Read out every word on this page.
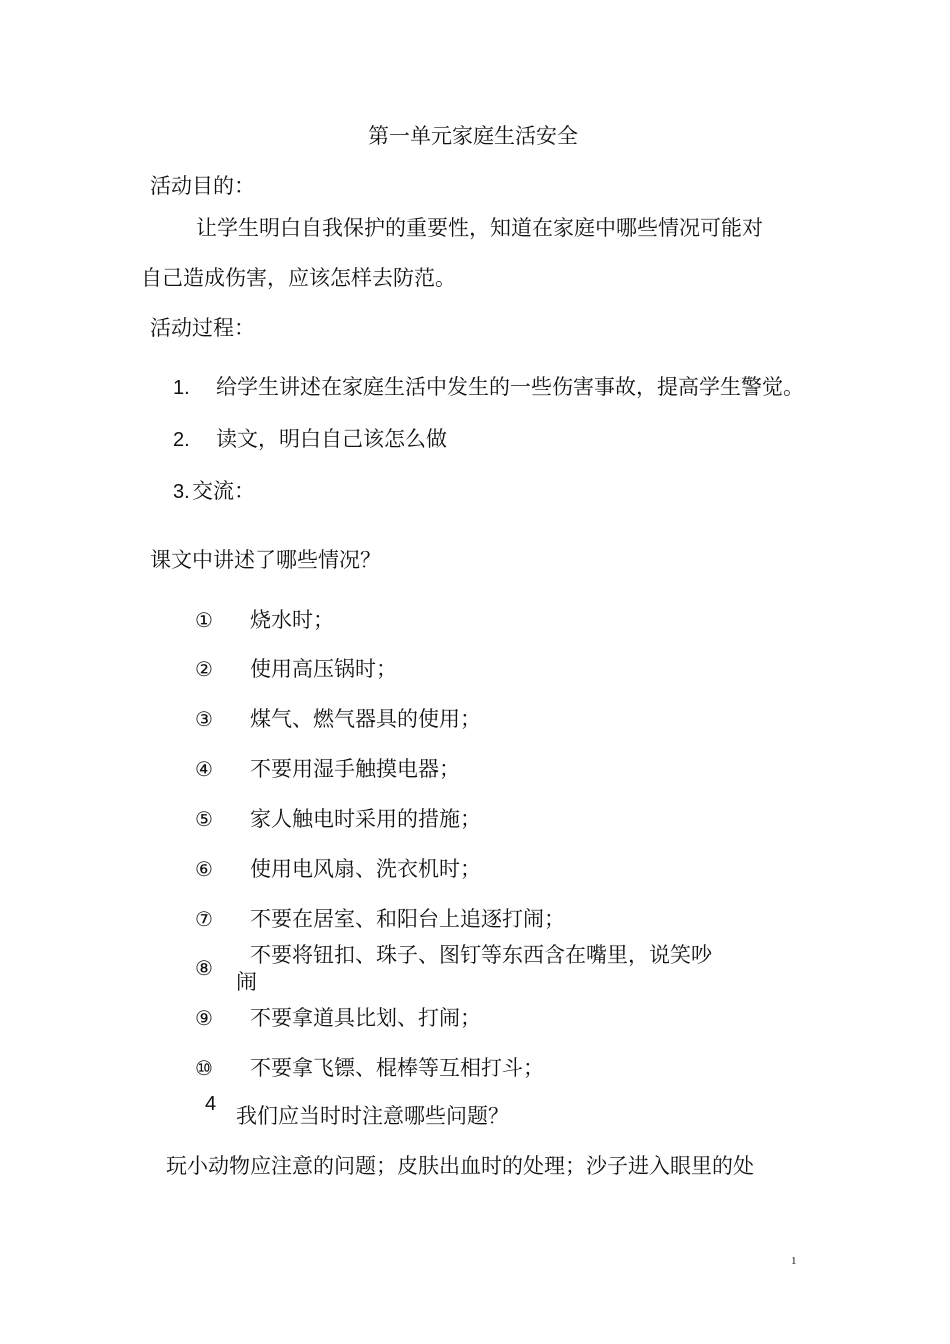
第一单元家庭生活安全
活动目的：
让学生明白自我保护的重要性，知道在家庭中哪些情况可能对
自己造成伤害，应该怎样去防范。
活动过程：
1. 给学生讲述在家庭生活中发生的一些伤害事故，提高学生警觉。
2. 读文，明白自己该怎么做
3. 交流：
课文中讲述了哪些情况？
① 烧水时；
② 使用高压锅时；
③ 煤气、燃气器具的使用；
④ 不要用湿手触摸电器；
⑤ 家人触电时采用的措施；
⑥ 使用电风扇、洗衣机时；
⑦ 不要在居室、和阳台上追逐打闹；
⑧
不要将钮扣、珠子、图钉等东西含在嘴里，说笑吵
闹
⑨ 不要拿道具比划、打闹；
⑩ 不要拿飞镖、棍棒等互相打斗；
4 我们应当时时注意哪些问题？
玩小动物应注意的问题；皮肤出血时的处理；沙子进入眼里的处
1
